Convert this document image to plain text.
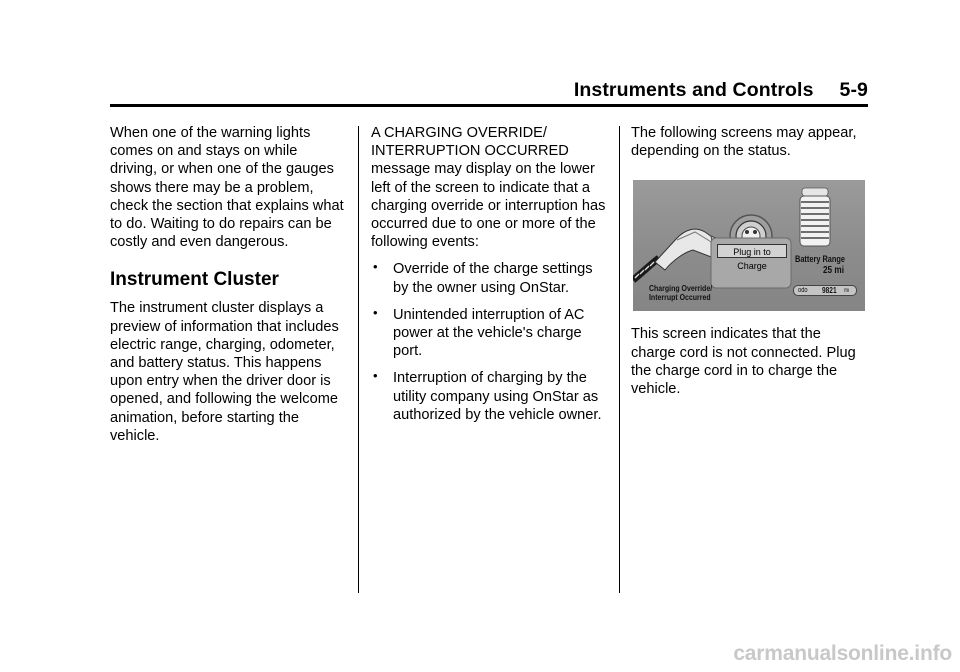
Instruments and Controls 5-9

When one of the warning lights comes on and stays on while driving, or when one of the gauges shows there may be a problem, check the section that explains what to do. Waiting to do repairs can be costly and even dangerous.

Instrument Cluster

The instrument cluster displays a preview of information that includes electric range, charging, odometer, and battery status. This happens upon entry when the driver door is opened, and following the welcome animation, before starting the vehicle.

A CHARGING OVERRIDE/ INTERRUPTION OCCURRED message may display on the lower left of the screen to indicate that a charging override or interruption has occurred due to one or more of the following events:

• Override of the charge settings by the owner using OnStar.
• Unintended interruption of AC power at the vehicle's charge port.
• Interruption of charging by the utility company using OnStar as authorized by the vehicle owner.

The following screens may appear, depending on the status.

Plug in to Charge
Battery Range
25 mi
Charging Override/
Interrupt Occurred
odo 9821 mi

This screen indicates that the charge cord is not connected. Plug the charge cord in to charge the vehicle.

carmanualsonline.info
